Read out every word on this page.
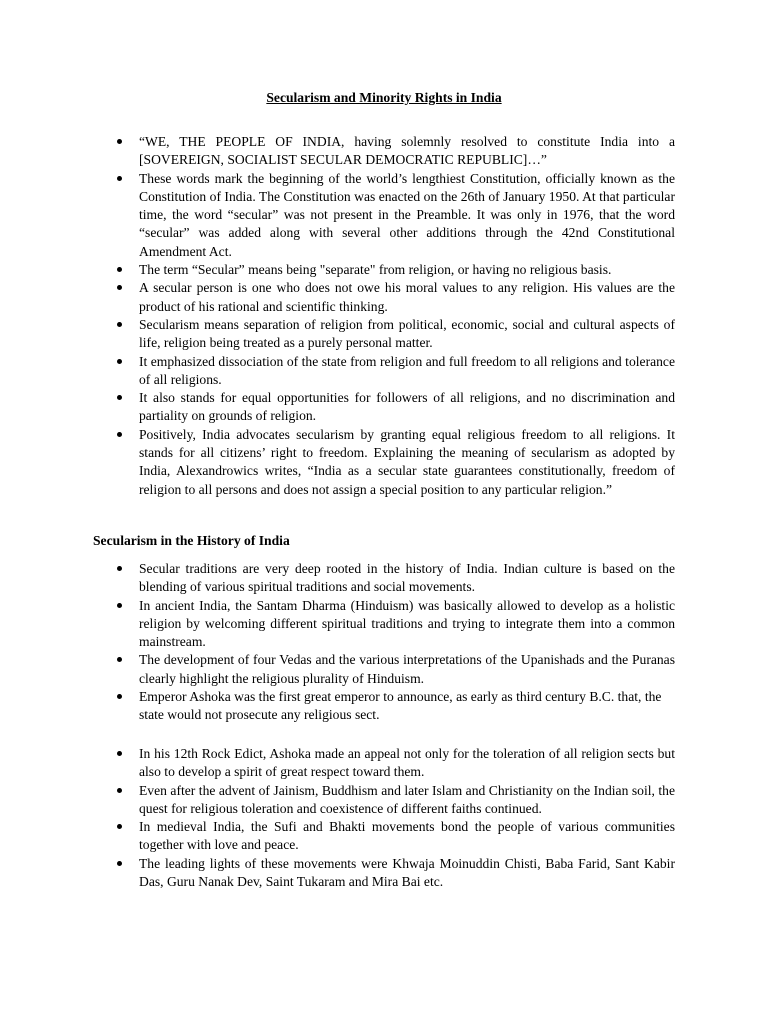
Secularism and Minority Rights in India
“WE, THE PEOPLE OF INDIA, having solemnly resolved to constitute India into a [SOVEREIGN, SOCIALIST SECULAR DEMOCRATIC REPUBLIC]…”
These words mark the beginning of the world’s lengthiest Constitution, officially known as the Constitution of India. The Constitution was enacted on the 26th of January 1950. At that particular time, the word “secular” was not present in the Preamble. It was only in 1976, that the word “secular” was added along with several other additions through the 42nd Constitutional Amendment Act.
The term “Secular” means being "separate" from religion, or having no religious basis.
A secular person is one who does not owe his moral values to any religion. His values are the product of his rational and scientific thinking.
Secularism means separation of religion from political, economic, social and cultural aspects of life, religion being treated as a purely personal matter.
It emphasized dissociation of the state from religion and full freedom to all religions and tolerance of all religions.
It also stands for equal opportunities for followers of all religions, and no discrimination and partiality on grounds of religion.
Positively, India advocates secularism by granting equal religious freedom to all religions. It stands for all citizens’ right to freedom. Explaining the meaning of secularism as adopted by India, Alexandrowics writes, “India as a secular state guarantees constitutionally, freedom of religion to all persons and does not assign a special position to any particular religion.”
Secularism in the History of India
Secular traditions are very deep rooted in the history of India. Indian culture is based on the blending of various spiritual traditions and social movements.
In ancient India, the Santam Dharma (Hinduism) was basically allowed to develop as a holistic religion by welcoming different spiritual traditions and trying to integrate them into a common mainstream.
The development of four Vedas and the various interpretations of the Upanishads and the Puranas clearly highlight the religious plurality of Hinduism.
Emperor Ashoka was the first great emperor to announce, as early as third century B.C. that, the state would not prosecute any religious sect.
In his 12th Rock Edict, Ashoka made an appeal not only for the toleration of all religion sects but also to develop a spirit of great respect toward them.
Even after the advent of Jainism, Buddhism and later Islam and Christianity on the Indian soil, the quest for religious toleration and coexistence of different faiths continued.
In medieval India, the Sufi and Bhakti movements bond the people of various communities together with love and peace.
The leading lights of these movements were Khwaja Moinuddin Chisti, Baba Farid, Sant Kabir Das, Guru Nanak Dev, Saint Tukaram and Mira Bai etc.
